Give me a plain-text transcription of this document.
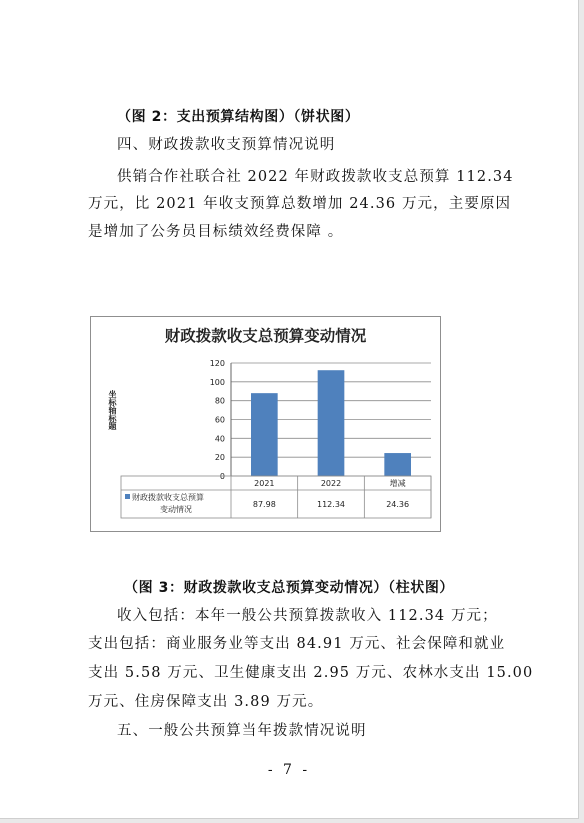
（图 2：支出预算结构图）（饼状图）
四、财政拨款收支预算情况说明
供销合作社联合社 2022 年财政拨款收支总预算 112.34
万元，比 2021 年收支预算总数增加 24.36 万元，主要原因
是增加了公务员目标绩效经费保障 。
财政拨款收支总预算变动情况
0
20
40
60
80
100
120
2021
87.98
2022
112.34
增减
24.36
财政拨款收支总预算
变动情况
坐标轴标题
（图 3：财政拨款收支总预算变动情况）（柱状图）
收入包括：本年一般公共预算拨款收入 112.34 万元；
支出包括：商业服务业等支出 84.91 万元、社会保障和就业
支出 5.58 万元、卫生健康支出 2.95 万元、农林水支出 15.00
万元、住房保障支出 3.89 万元。
五、一般公共预算当年拨款情况说明
- 7 -
